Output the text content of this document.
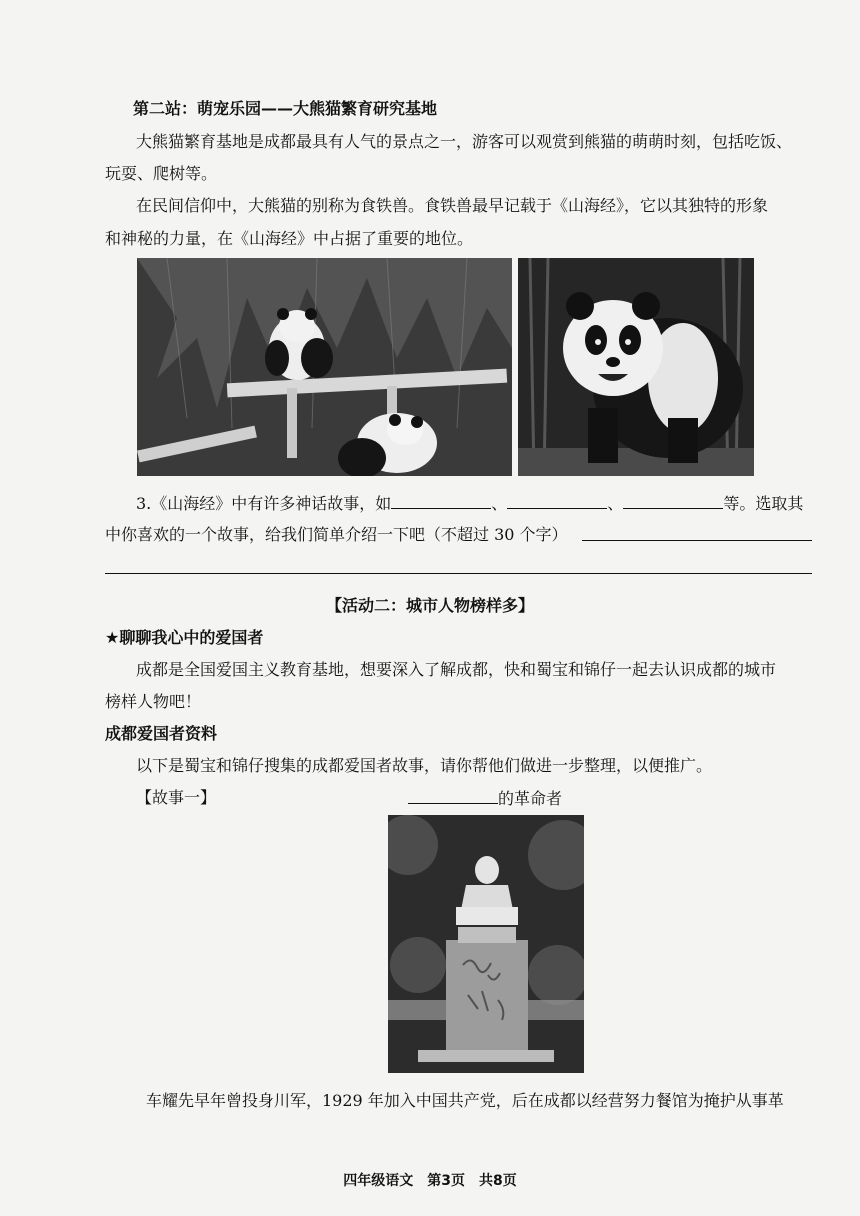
第二站：萌宠乐园——大熊猫繁育研究基地
大熊猫繁育基地是成都最具有人气的景点之一，游客可以观赏到熊猫的萌萌时刻，包括吃饭、
玩耍、爬树等。
在民间信仰中，大熊猫的别称为食铁兽。食铁兽最早记载于《山海经》，它以其独特的形象
和神秘的力量，在《山海经》中占据了重要的地位。
3.《山海经》中有许多神话故事，如	、	、	等。选取其
中你喜欢的一个故事，给我们简单介绍一下吧（不超过 30 个字）
【活动二：城市人物榜样多】
★聊聊我心中的爱国者
成都是全国爱国主义教育基地，想要深入了解成都，快和蜀宝和锦仔一起去认识成都的城市
榜样人物吧！
成都爱国者资料
以下是蜀宝和锦仔搜集的成都爱国者故事，请你帮他们做进一步整理，以便推广。
【故事一】	的革命者
车耀先早年曾投身川军，1929 年加入中国共产党，后在成都以经营努力餐馆为掩护从事革
四年级语文　第3页　共8页
